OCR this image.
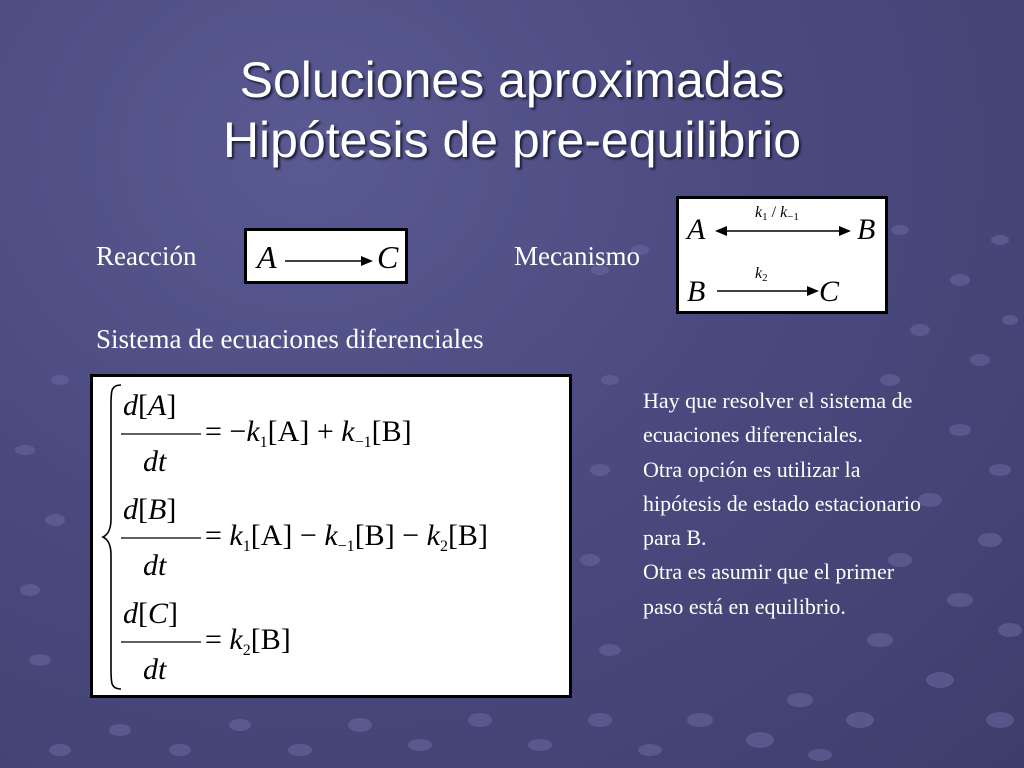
Soluciones aproximadas
Hipótesis de pre-equilibrio
Reacción A	C	Mecanismo
A
k1 / k−1 B
k2
B	C
Sistema de ecuaciones diferenciales
d[A]
dt
= $-k_1[A] + k_{-1}[B]$
d[B]
dt
= $k_1[A] - k_{-1}[B] - k_2[B]$
d[C]
dt
= $k_2[B]$

Hay que resolver el sistema de ecuaciones diferenciales.

Otra opción es utilizar la hipótesis de estado estacionario para B.

Otra es asumir que el primer paso está en equilibrio.
